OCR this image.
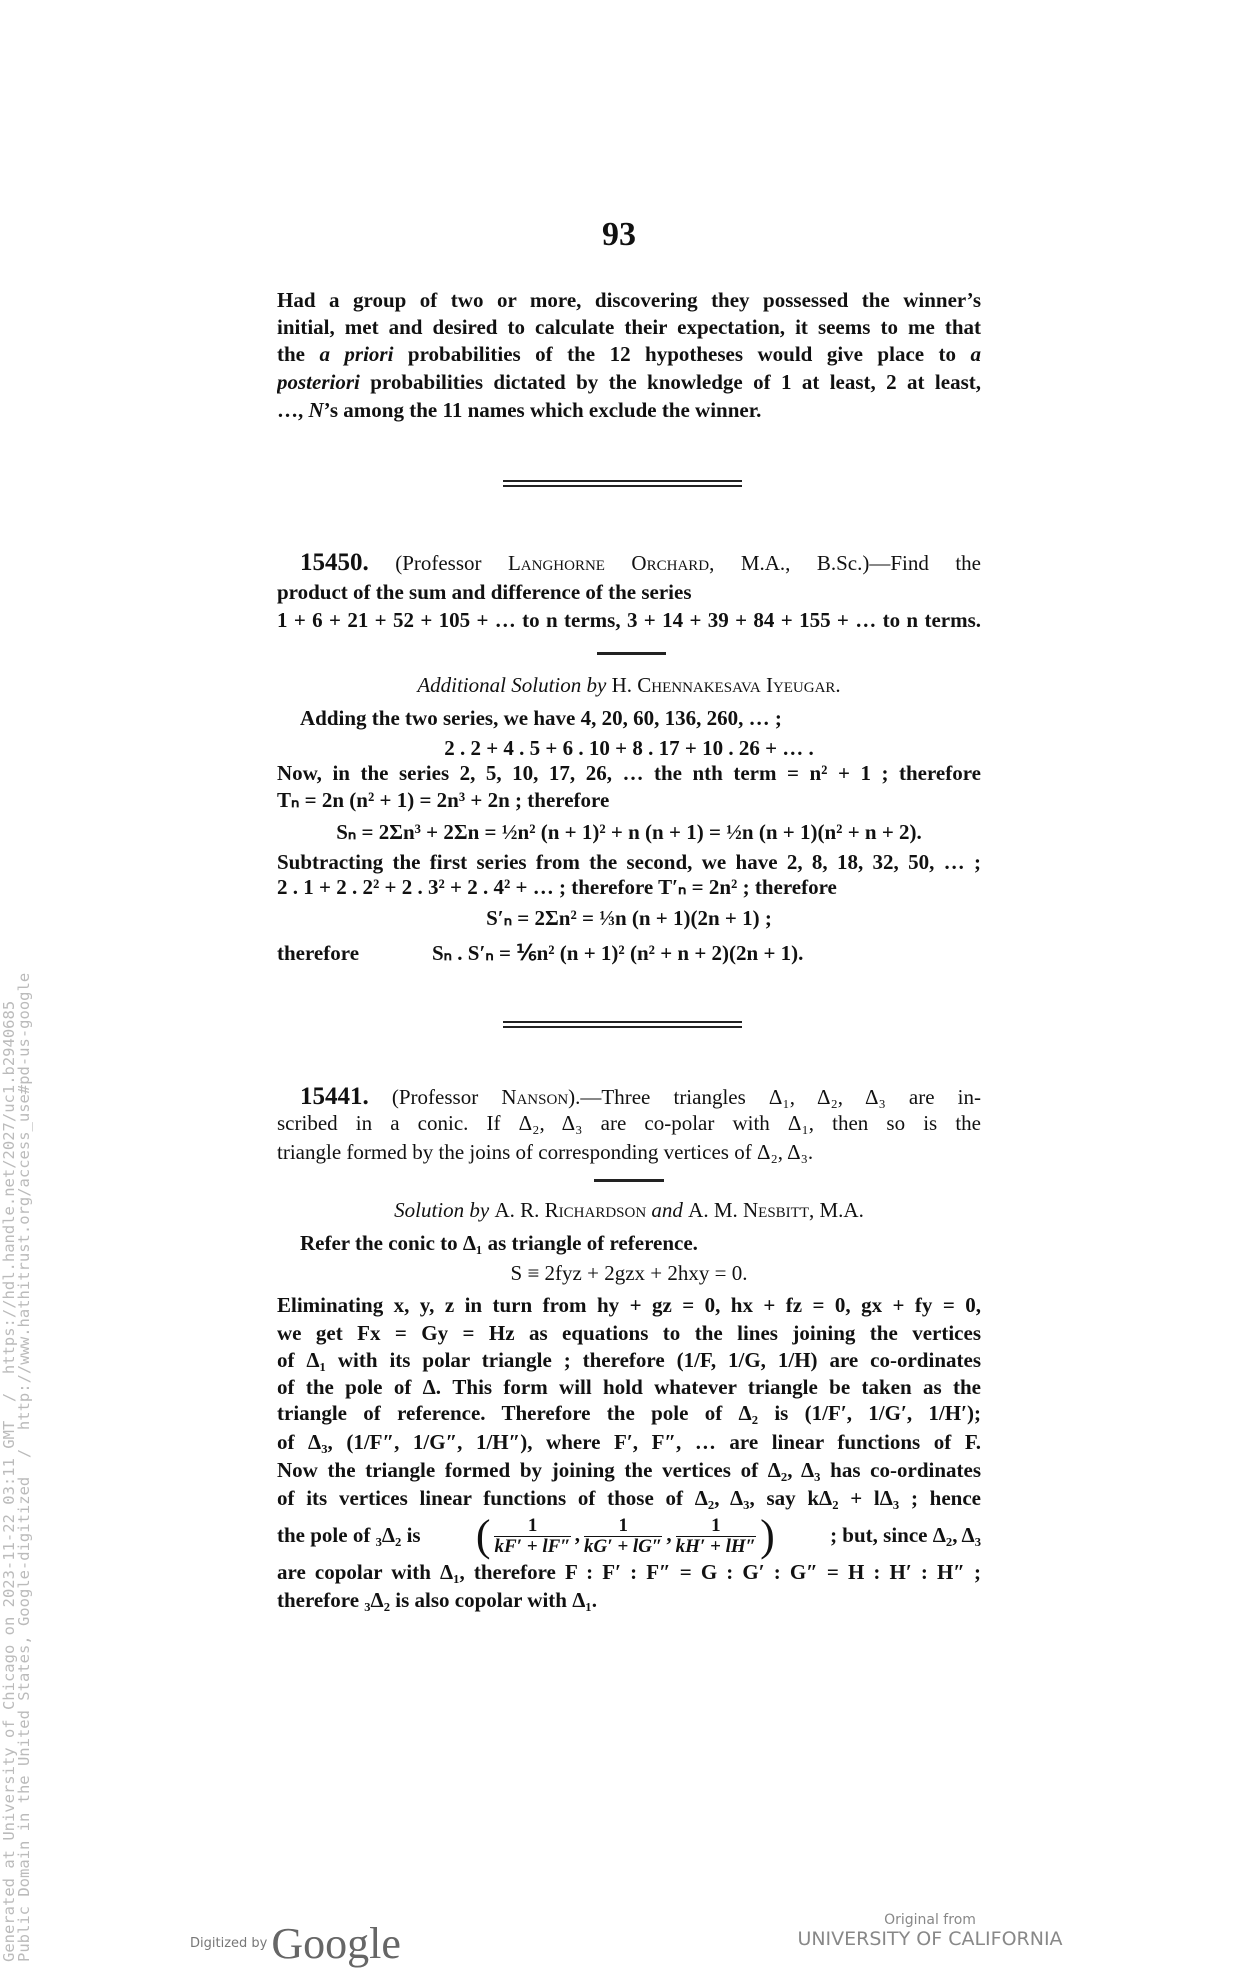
Generated at University of Chicago on 2023-11-22 03:11 GMT  /  https://hdl.handle.net/2027/uc1.b2940685
Public Domain in the United States, Google-digitized  /  http://www.hathitrust.org/access_use#pd-us-google
93
Had a group of two or more, discovering they possessed the winner’s
initial, met and desired to calculate their expectation, it seems to me that
the a priori probabilities of the 12 hypotheses would give place to a
posteriori probabilities dictated by the knowledge of 1 at least, 2 at least,
…, N’s among the 11 names which exclude the winner.
15450. (Professor Langhorne Orchard, M.A., B.Sc.)—Find the
product of the sum and difference of the series
1 + 6 + 21 + 52 + 105 + … to n terms, 3 + 14 + 39 + 84 + 155 + … to n terms.
Additional Solution by H. Chennakesava Iyeugar.
Adding the two series, we have 4, 20, 60, 136, 260, … ;
2 . 2 + 4 . 5 + 6 . 10 + 8 . 17 + 10 . 26 + … .
Now, in the series 2, 5, 10, 17, 26, … the nth term = n² + 1 ; therefore
Tₙ = 2n (n² + 1) = 2n³ + 2n ; therefore
Sₙ = 2Σn³ + 2Σn = ½n² (n + 1)² + n (n + 1) = ½n (n + 1)(n² + n + 2).
Subtracting the first series from the second, we have 2, 8, 18, 32, 50, … ;
2 . 1 + 2 . 2² + 2 . 3² + 2 . 4² + … ; therefore T′ₙ = 2n² ; therefore
S′ₙ = 2Σn² = ⅓n (n + 1)(2n + 1) ;
therefore	Sₙ . S′ₙ = ⅙n² (n + 1)² (n² + n + 2)(2n + 1).
15441. (Professor Nanson).—Three triangles Δ₁, Δ₂, Δ₃ are in-
scribed in a conic. If Δ₂, Δ₃ are co-polar with Δ₁, then so is the
triangle formed by the joins of corresponding vertices of Δ₂, Δ₃.
Solution by A. R. Richardson and A. M. Nesbitt, M.A.
Refer the conic to Δ₁ as triangle of reference.
S ≡ 2fyz + 2gzx + 2hxy = 0.
Eliminating x, y, z in turn from hy + gz = 0, hx + fz = 0, gx + fy = 0,
we get Fx = Gy = Hz as equations to the lines joining the vertices
of Δ₁ with its polar triangle ; therefore (1/F, 1/G, 1/H) are co-ordinates
of the pole of Δ. This form will hold whatever triangle be taken as the
triangle of reference. Therefore the pole of Δ₂ is (1/F′, 1/G′, 1/H′);
of Δ₃, (1/F″, 1/G″, 1/H″), where F′, F″, … are linear functions of F.
Now the triangle formed by joining the vertices of Δ₂, Δ₃ has co-ordinates
of its vertices linear functions of those of Δ₂, Δ₃, say kΔ₂ + lΔ₃ ; hence
the pole of ₃Δ₂ is ( $\frac{1}{kF' + lF''}$ , $\frac{1}{kG' + lG''}$ , $\frac{1}{kH' + lH''}$ )	; but, since Δ₂, Δ₃
are copolar with Δ₁, therefore F : F′ : F″ = G : G′ : G″ = H : H′ : H″ ;
therefore ₃Δ₂ is also copolar with Δ₁.
Digitized by Google	Original from
UNIVERSITY OF CALIFORNIA
